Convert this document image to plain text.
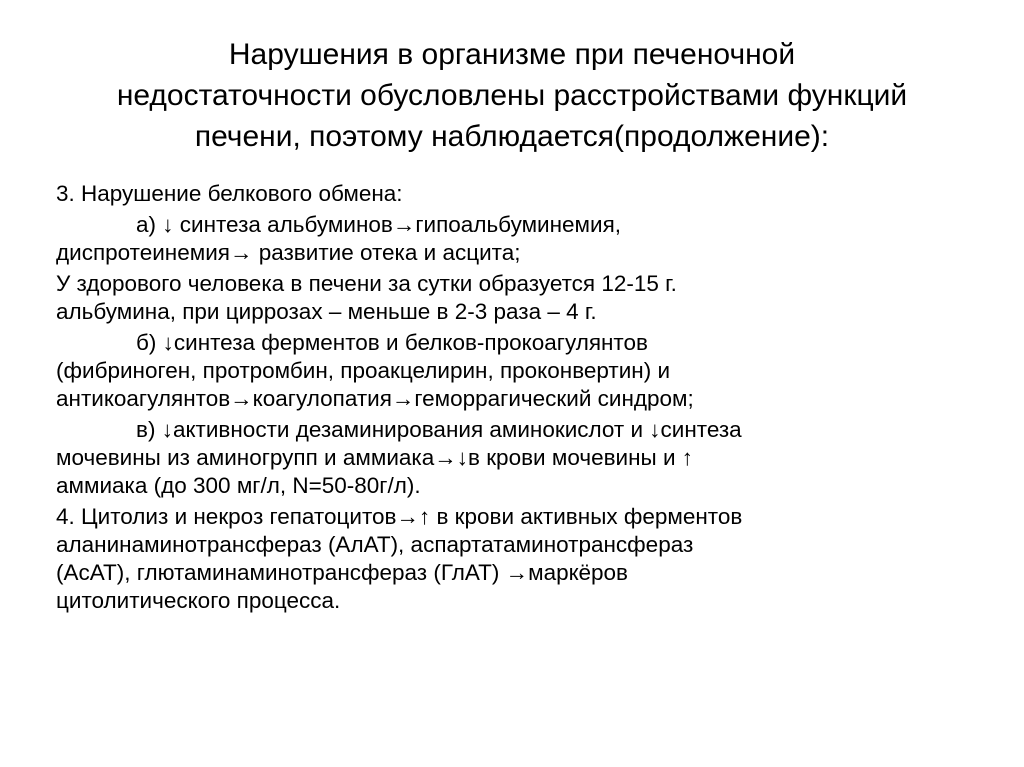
Нарушения в организме при печеночной
недостаточности обусловлены расстройствами функций
печени, поэтому наблюдается(продолжение):
3. Нарушение белкового обмена:
а) ↓ синтеза альбуминов→гипоальбуминемия,
диспротеинемия→ развитие отека и асцита;
У здорового человека в печени за сутки образуется 12-15 г.
альбумина, при циррозах – меньше в 2-3 раза – 4 г.
б) ↓синтеза ферментов и белков-прокоагулянтов
(фибриноген, протромбин, проакцелирин, проконвертин) и
антикоагулянтов→коагулопатия→геморрагический синдром;
в) ↓активности дезаминирования аминокислот и ↓синтеза
мочевины из аминогрупп и аммиака→↓в крови мочевины и ↑
аммиака (до 300 мг/л, N=50-80г/л).
4. Цитолиз и некроз гепатоцитов→↑ в крови активных ферментов
аланинаминотрансфераз (АлАТ), аспартатаминотрансфераз
(АсАТ), глютаминаминотрансфераз (ГлАТ) →маркёров
цитолитического процесса.
